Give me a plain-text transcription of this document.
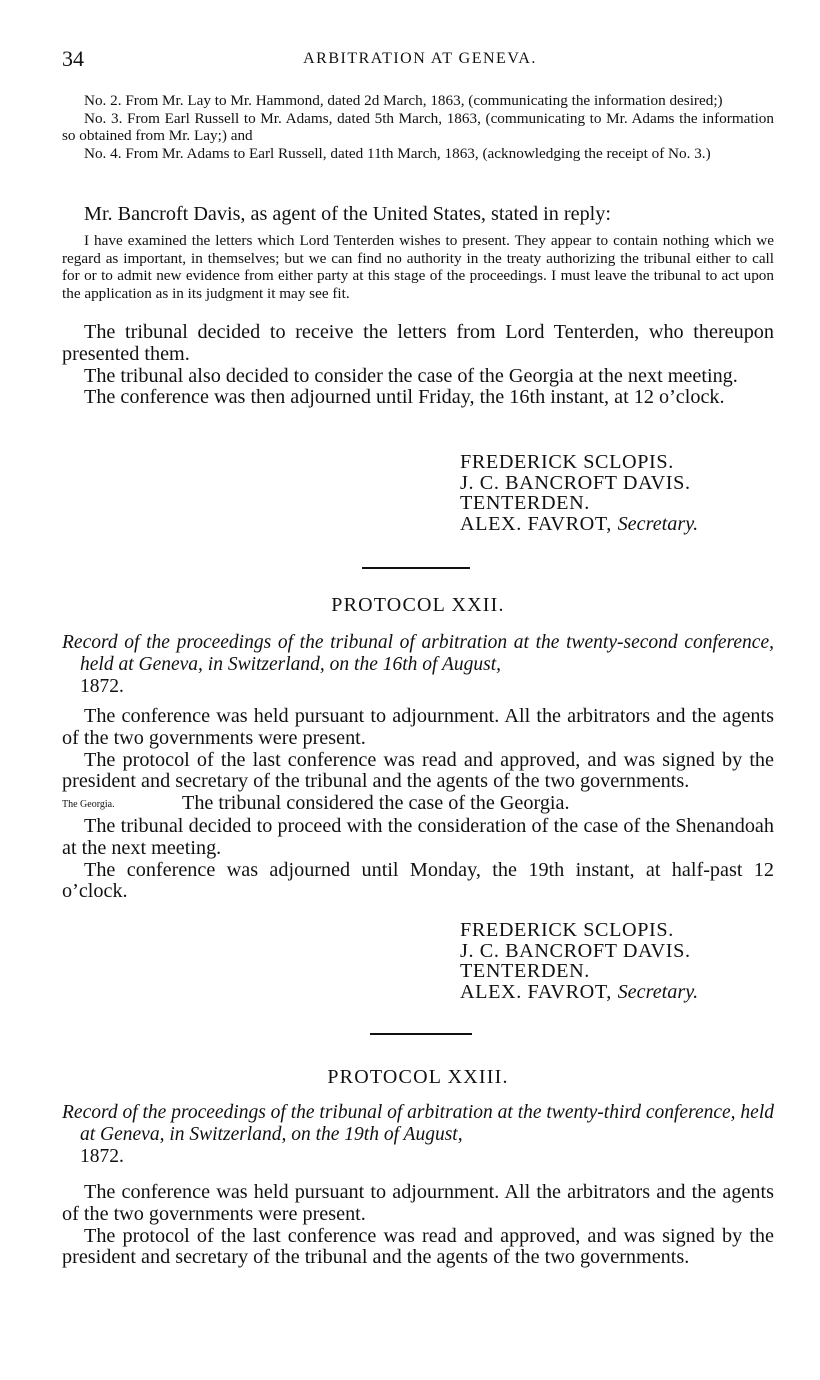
34	ARBITRATION AT GENEVA.

No. 2. From Mr. Lay to Mr. Hammond, dated 2d March, 1863, (communicating the information desired;)

No. 3. From Earl Russell to Mr. Adams, dated 5th March, 1863, (communicating to Mr. Adams the information so obtained from Mr. Lay;) and

No. 4. From Mr. Adams to Earl Russell, dated 11th March, 1863, (acknowledging the receipt of No. 3.)

Mr. Bancroft Davis, as agent of the United States, stated in reply:

I have examined the letters which Lord Tenterden wishes to present. They appear to contain nothing which we regard as important, in themselves; but we can find no authority in the treaty authorizing the tribunal either to call for or to admit new evidence from either party at this stage of the proceedings. I must leave the tribunal to act upon the application as in its judgment it may see fit.

The tribunal decided to receive the letters from Lord Tenterden, who thereupon presented them.

The tribunal also decided to consider the case of the Georgia at the next meeting.

The conference was then adjourned until Friday, the 16th instant, at 12 o’clock.

FREDERICK SCLOPIS.
J. C. BANCROFT DAVIS.
TENTERDEN.
ALEX. FAVROT, Secretary.
PROTOCOL XXII.
Record of the proceedings of the tribunal of arbitration at the twenty-second conference, held at Geneva, in Switzerland, on the 16th of August,
1872.

The conference was held pursuant to adjournment. All the arbitrators and the agents of the two governments were present.

The protocol of the last conference was read and approved, and was signed by the president and secretary of the tribunal and the agents of the two governments.

The Georgia.	The tribunal considered the case of the Georgia.

The tribunal decided to proceed with the consideration of the case of the Shenandoah at the next meeting.

The conference was adjourned until Monday, the 19th instant, at half-past 12 o’clock.

FREDERICK SCLOPIS.
J. C. BANCROFT DAVIS.
TENTERDEN.
ALEX. FAVROT, Secretary.
PROTOCOL XXIII.
Record of the proceedings of the tribunal of arbitration at the twenty-third conference, held at Geneva, in Switzerland, on the 19th of August,
1872.

The conference was held pursuant to adjournment. All the arbitrators and the agents of the two governments were present.

The protocol of the last conference was read and approved, and was signed by the president and secretary of the tribunal and the agents of the two governments.
